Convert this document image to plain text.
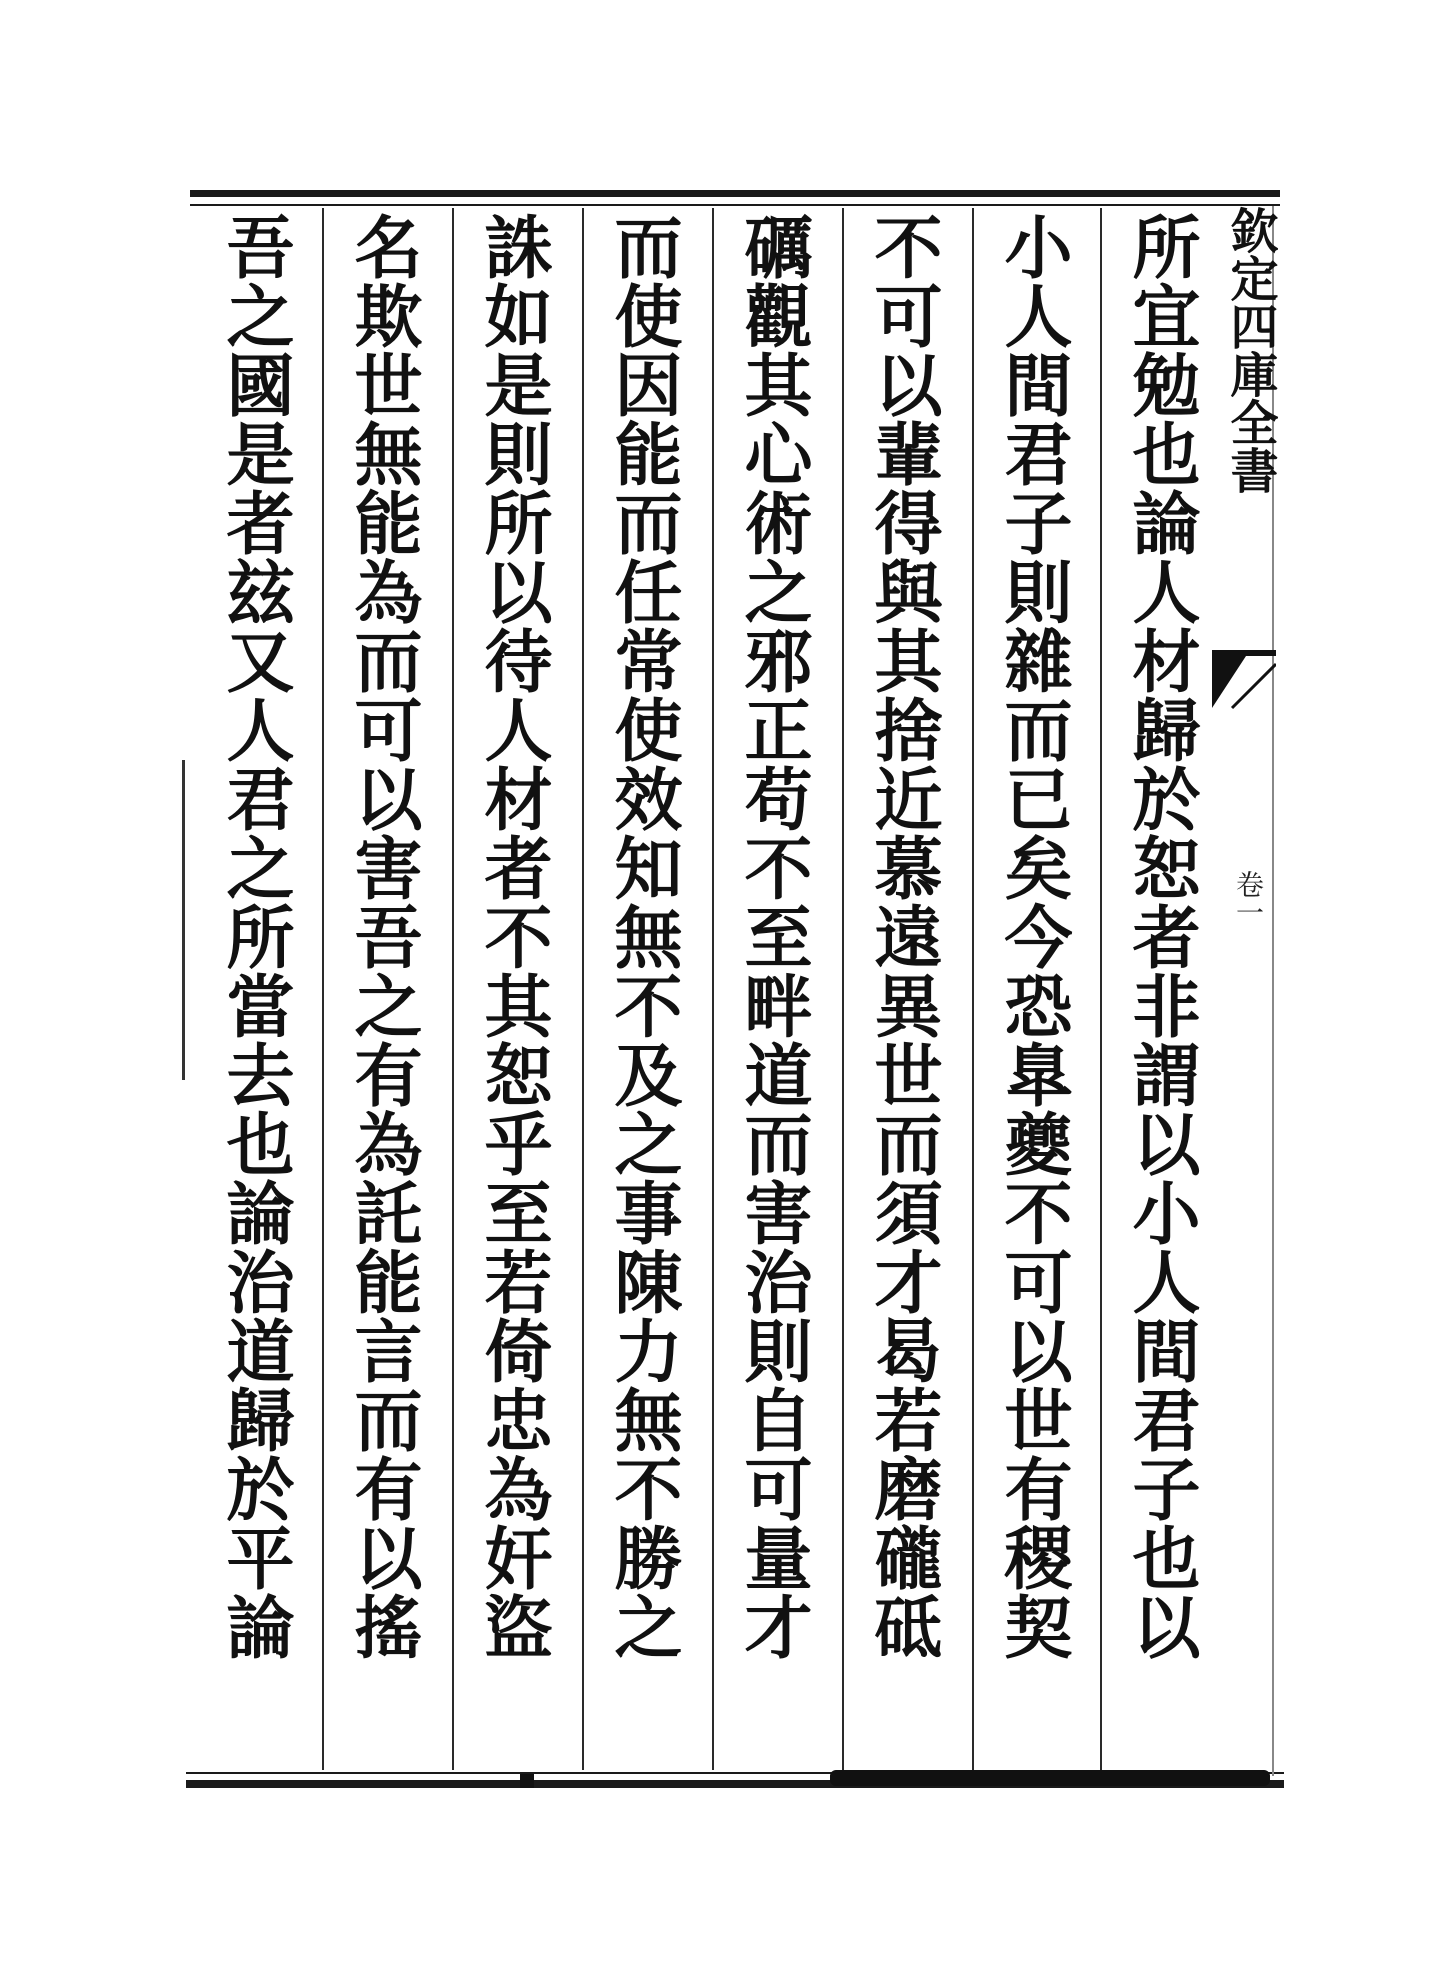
所宜勉也論人材歸於恕者非謂以小人間君子也以
小人間君子則雜而已矣今恐臯夔不可以世有稷契
不可以輩得與其捨近慕遠異世而須才曷若磨礲砥
礪觀其心術之邪正苟不至畔道而害治則自可量才
而使因能而任常使效知無不及之事陳力無不勝之
誅如是則所以待人材者不其恕乎至若倚忠為奸盜
名欺世無能為而可以害吾之有為託能言而有以搖
吾之國是者玆又人君之所當去也論治道歸於平論	欽定四庫全書
卷一
